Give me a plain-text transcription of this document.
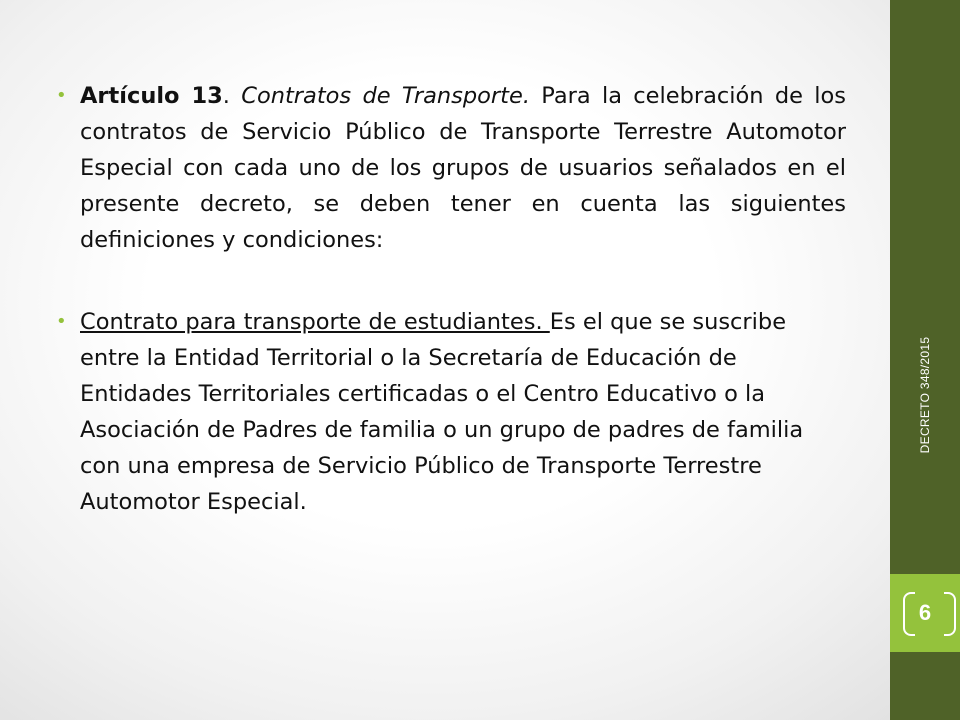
DECRETO 348/2015
6
• Artículo 13. Contratos de Transporte. Para la celebración de los contratos de Servicio Público de Transporte Terrestre Automotor Especial con cada uno de los grupos de usuarios señalados en el presente decreto, se deben tener en cuenta las siguientes definiciones y condiciones:
• Contrato para transporte de estudiantes. Es el que se suscribe entre la Entidad Territorial o la Secretaría de Educación de Entidades Territoriales certificadas o el Centro Educativo o la Asociación de Padres de familia o un grupo de padres de familia con una empresa de Servicio Público de Transporte Terrestre Automotor Especial.
